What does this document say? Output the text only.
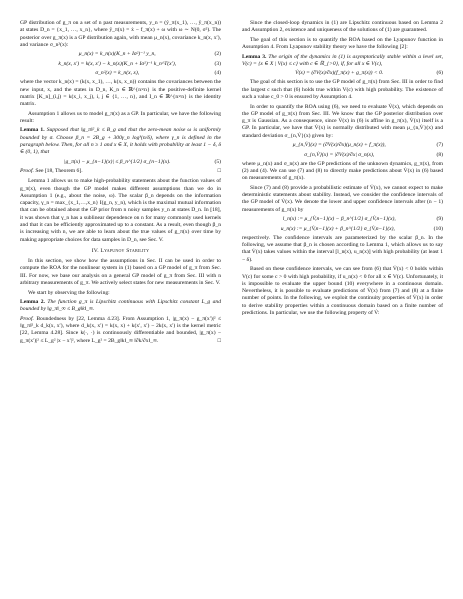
GP distribution of g_π on a set of n past measurements, y_n = (ŷ_π(x_1), …, ŷ_π(x_n)) at states D_n = {x_1, …, x_n}, where ŷ_π(x) = ẋ − f_π(x) + ω with ω ∼ N(0, σ²). The posterior over g_π(x) is a GP distribution again, with mean μ_n(x), covariance k_n(x, x′), and variance σ_n²(x):

μ_n(x) = k_n(x)(K_n + Iσ²)⁻¹ y_n,	(2)
k_n(x, x′) = k(x, x′) − k_n(x)(K_n + Iσ²)⁻¹ k_n^T(x′),	(3)
σ_n²(x) = k_n(x, x),	(4)

where the vector k_n(x) = (k(x, x_1), …, k(x, x_n)) contains the covariances between the new input, x, and the states in D_n, K_n ∈ ℝ^{n×n} is the positive-definite kernel matrix [K_n]_(i,j) = k(x_i, x_j), i, j ∈ {1, …, n}, and I_n ∈ ℝ^{n×n} is the identity matrix.

Assumption 1 allows us to model g_π(x) as a GP. In particular, we have the following result:

Lemma 1. Supposed that ‖g_π‖²_k ≤ B_g and that the zero-mean noise ω is uniformly bounded by σ. Choose β_n = 2B_g + 300γ_n log³(n/δ), where γ_n is defined in the paragraph below. Then, for all n ≥ 1 and x ∈ X, it holds with probability at least 1 − δ, δ ∈ (0, 1), that
|g_π(x) − μ_{n−1}(x)| ≤ β_n^{1/2} σ_{n−1}(x).	(5)
Proof. See [18, Theorem 6].	□

Lemma 1 allows us to make high-probability statements about the function values of g_π(x), even though the GP model makes different assumptions than we do in Assumption 1 (e.g., about the noise, ω). The scalar β_n depends on the information capacity, γ_n = max_{x_1,…,x_n} I(g_n, y_n), which is the maximal mutual information that can be obtained about the GP prior from n noisy samples y_n at states D_n. In [18], it was shown that γ_n has a sublinear dependence on n for many commonly used kernels and that it can be efficiently approximated up to a constant. As a result, even though β_n is increasing with n, we are able to learn about the true values of g_π(x) over time by making appropriate choices for data samples in D_n, see Sec. V.

IV. Lyapunov Stability

In this section, we show how the assumptions in Sec. II can be used in order to compute the ROA for the nonlinear system in (1) based on a GP model of g_π from Sec. III. For now, we base our analysis on a general GP model of g_π from Sec. III with n arbitrary measurements of g_π. We actively select states for new measurements in Sec. V.

We start by observing the following:

Lemma 2. The function g_π is Lipschitz continuous with Lipschitz constant L_g and bounded by ‖g_π‖_∞ ≤ B_g‖k‖_∞.
Proof. Boundedness by [22, Lemma 4.23]. From Assumption 1, |g_π(x) − g_π(x′)|² ≤ ‖g_π‖²_k d_k(x, x′), where d_k(x, x′) = k(x, x) + k(x′, x′) − 2k(x, x′) is the kernel metric [22, Lemma 4.28]. Since k(·, ·) is continuously differentiable and bounded, |g_π(x) − g_π(x′)|² ≤ L_g² |x − x′|², where L_g² = 2B_g‖k‖_∞ ‖∂k/∂x‖_∞.	□

Since the closed-loop dynamics in (1) are Lipschitz continuous based on Lemma 2 and Assumption 2, existence and uniqueness of the solutions of (1) are guaranteed.

The goal of this section is to quantify the ROA based on the Lyapunov function in Assumption 4. From Lyapunov stability theory we have the following [2]:

Lemma 3. The origin of the dynamics in (1) is asymptotically stable within a level set, V(c) = {x ∈ X | V(x) ≤ c} with c ∈ ℝ_{>0}, if, for all x ∈ V(c),
V̇(x) = (∂V(x)/∂x)(f_π(x) + g_π(x)) < 0.	(6)

The goal of this section is to use the GP model of g_π(x) from Sec. III in order to find the largest c such that (6) holds true within V(c) with high probability. The existence of such a value c_0 > 0 is ensured by Assumption 4.

In order to quantify the ROA using (6), we need to evaluate V̇(x), which depends on the GP model of g_π(x) from Sec. III. We know that the GP posterior distribution over g_π is Gaussian. As a consequence, since V̇(x) in (6) is affine in g_π(x), V̇(x) itself is a GP. In particular, we have that V̇(x) is normally distributed with mean μ_{n,V̇}(x) and standard deviation σ_{n,V̇}(x) given by:

μ_{n,V̇}(x) = (∂V(x)/∂x)(μ_n(x) + f_π(x)),	(7)
σ_{n,V̇}(x) = |∂V(x)/∂x| σ_n(x),	(8)

where μ_n(x) and σ_n(x) are the GP predictions of the unknown dynamics, g_π(x), from (2) and (4). We can use (7) and (8) to directly make predictions about V̇(x) in (6) based on measurements of g_π(x).

Since (7) and (8) provide a probabilistic estimate of V̇(x), we cannot expect to make deterministic statements about stability. Instead, we consider the confidence intervals of the GP model of V̇(x). We denote the lower and upper confidence intervals after (n − 1) measurements of g_π(x) by

l_n(x) := μ_{V̇,n−1}(x) − β_n^{1/2} σ_{V̇,n−1}(x),	(9)
u_n(x) := μ_{V̇,n−1}(x) + β_n^{1/2} σ_{V̇,n−1}(x),	(10)

respectively. The confidence intervals are parameterized by the scalar β_n. In the following, we assume that β_n is chosen according to Lemma 1, which allows us to say that V̇(x) takes values within the interval [l_n(x), u_n(x)] with high probability (at least 1 − δ).

Based on these confidence intervals, we can see from (6) that V̇(x) < 0 holds within V(c) for some c > 0 with high probability, if u_n(x) < 0 for all x ∈ V(c). Unfortunately, it is impossible to evaluate the upper bound (10) everywhere in a continuous domain. Nevertheless, it is possible to evaluate predictions of V̇(x) from (7) and (8) at a finite number of points. In the following, we exploit the continuity properties of V̇(x) in order to derive stability properties within a continuous domain based on a finite number of predictions. In particular, we use the following property of V̇:
